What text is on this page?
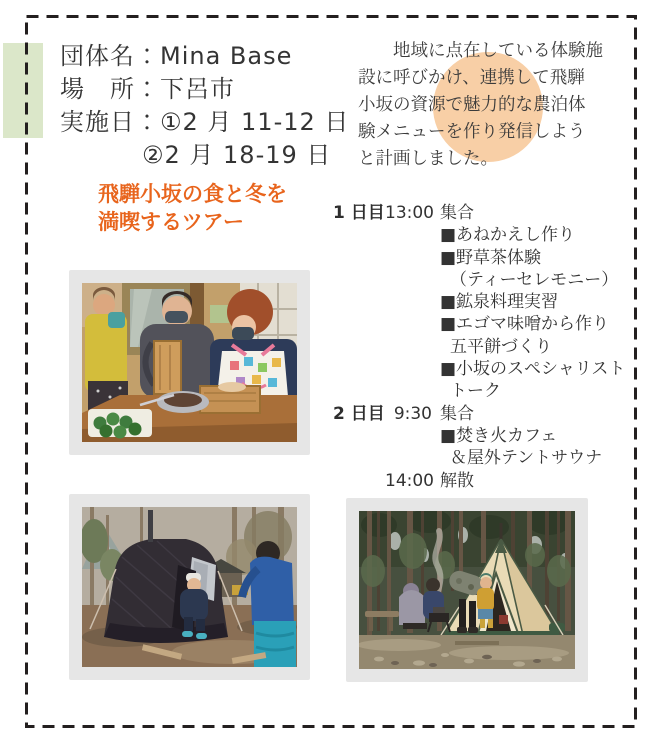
団体名：Mina Base
場　所：下呂市
実施日：①2 月 11-12 日
②2 月 18-19 日
飛騨小坂の食と冬を
満喫するツアー
地域に点在している体験施
設に呼びかけ、連携して飛騨
小坂の資源で魅力的な農泊体
験メニューを作り発信しよう
と計画しました。
1 日目13:00 集合
■あねかえし作り
■野草茶体験
（ティーセレモニー）
■鉱泉料理実習
■エゴマ味噌から作り
五平餅づくり
■小坂のスペシャリスト
トーク
2 日目 9:30 集合
■焚き火カフェ
＆屋外テントサウナ
14:00 解散
